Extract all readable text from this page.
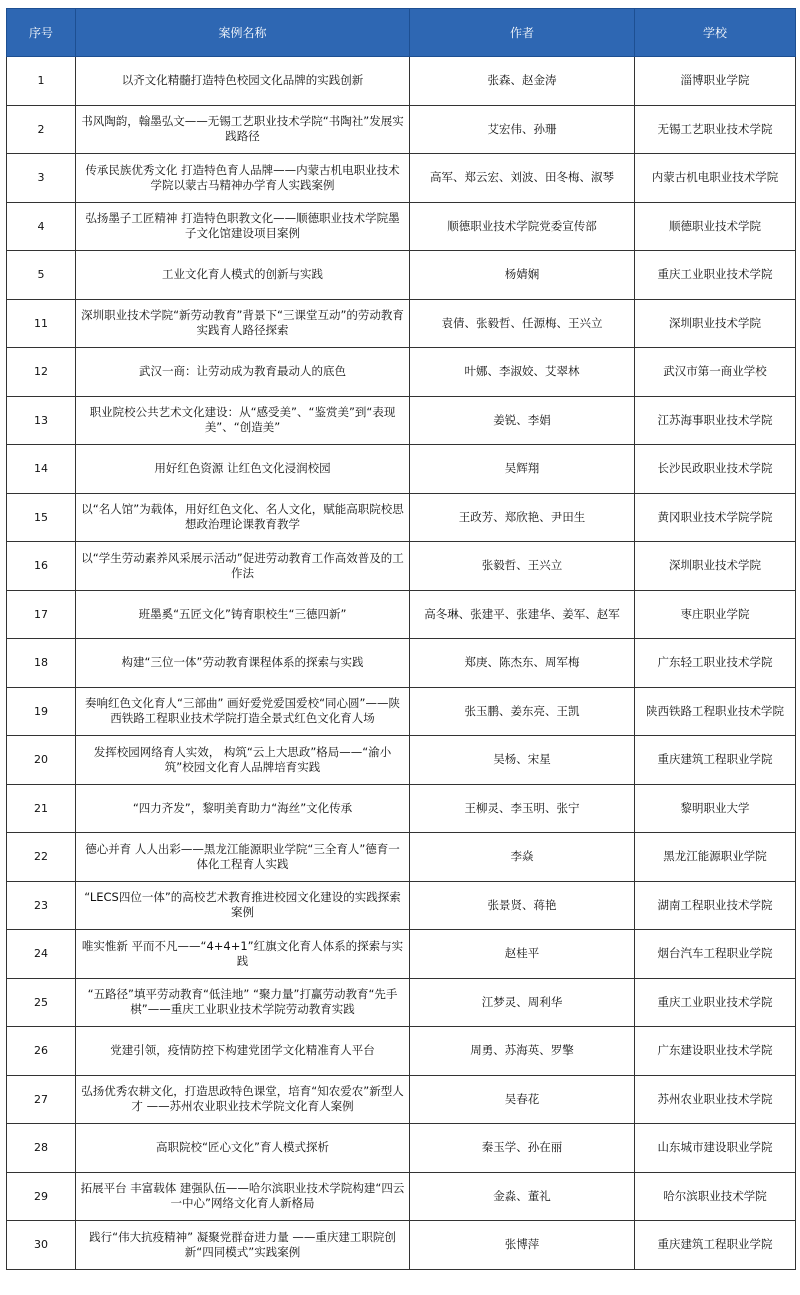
序号	案例名称	作者	学校
1	以齐文化精髓打造特色校园文化品牌的实践创新	张森、赵金涛	淄博职业学院
2	书风陶韵，翰墨弘文——无锡工艺职业技术学院“书陶社”发展实践路径	艾宏伟、孙珊	无锡工艺职业技术学院
3	传承民族优秀文化 打造特色育人品牌——内蒙古机电职业技术学院以蒙古马精神办学育人实践案例	高军、郑云宏、刘波、田冬梅、淑琴	内蒙古机电职业技术学院
4	弘扬墨子工匠精神 打造特色职教文化——顺德职业技术学院墨子文化馆建设项目案例	顺德职业技术学院党委宣传部	顺德职业技术学院
5	工业文化育人模式的创新与实践	杨婧娴	重庆工业职业技术学院
11	深圳职业技术学院“新劳动教育”背景下“三课堂互动”的劳动教育实践育人路径探索	袁倩、张毅哲、任源梅、王兴立	深圳职业技术学院
12	武汉一商：让劳动成为教育最动人的底色	叶娜、李淑姣、艾翠林	武汉市第一商业学校
13	职业院校公共艺术文化建设：从“感受美”、“鉴赏美”到“表现美”、“创造美”	姜锐、李娟	江苏海事职业技术学院
14	用好红色资源 让红色文化浸润校园	吴辉翔	长沙民政职业技术学院
15	以“名人馆”为载体，用好红色文化、名人文化，赋能高职院校思想政治理论课教育教学	王政芳、郑欣艳、尹田生	黄冈职业技术学院学院
16	以“学生劳动素养风采展示活动”促进劳动教育工作高效普及的工作法	张毅哲、王兴立	深圳职业技术学院
17	班墨奚“五匠文化”铸育职校生“三德四新”	高冬琳、张建平、张建华、姜军、赵军	枣庄职业学院
18	构建“三位一体”劳动教育课程体系的探索与实践	郑庚、陈杰东、周军梅	广东轻工职业技术学院
19	奏响红色文化育人“三部曲” 画好爱党爱国爱校“同心圆”——陕西铁路工程职业技术学院打造全景式红色文化育人场	张玉鹏、姜东亮、王凯	陕西铁路工程职业技术学院
20	发挥校园网络育人实效， 构筑“云上大思政”格局——“渝小筑”校园文化育人品牌培育实践	吴杨、宋星	重庆建筑工程职业学院
21	“四力齐发”，黎明美育助力“海丝”文化传承	王柳灵、李玉明、张宁	黎明职业大学
22	德心并育 人人出彩——黑龙江能源职业学院“三全育人”德育一体化工程育人实践	李焱	黑龙江能源职业学院
23	“LECS四位一体”的高校艺术教育推进校园文化建设的实践探索案例	张景贤、蒋艳	湖南工程职业技术学院
24	唯实惟新 平而不凡——“4+4+1”红旗文化育人体系的探索与实践	赵桂平	烟台汽车工程职业学院
25	“五路径”填平劳动教育“低洼地” “聚力量”打赢劳动教育“先手棋”——重庆工业职业技术学院劳动教育实践	江梦灵、周利华	重庆工业职业技术学院
26	党建引领，疫情防控下构建党团学文化精准育人平台	周勇、苏海英、罗擎	广东建设职业技术学院
27	弘扬优秀农耕文化，打造思政特色课堂，培育“知农爱农”新型人才 ——苏州农业职业技术学院文化育人案例	吴春花	苏州农业职业技术学院
28	高职院校“匠心文化”育人模式探析	秦玉学、孙在丽	山东城市建设职业学院
29	拓展平台 丰富载体 建强队伍——哈尔滨职业技术学院构建“四云一中心”网络文化育人新格局	金淼、董礼	哈尔滨职业技术学院
30	践行“伟大抗疫精神” 凝聚党群奋进力量 ——重庆建工职院创新“四同模式”实践案例	张博萍	重庆建筑工程职业学院
